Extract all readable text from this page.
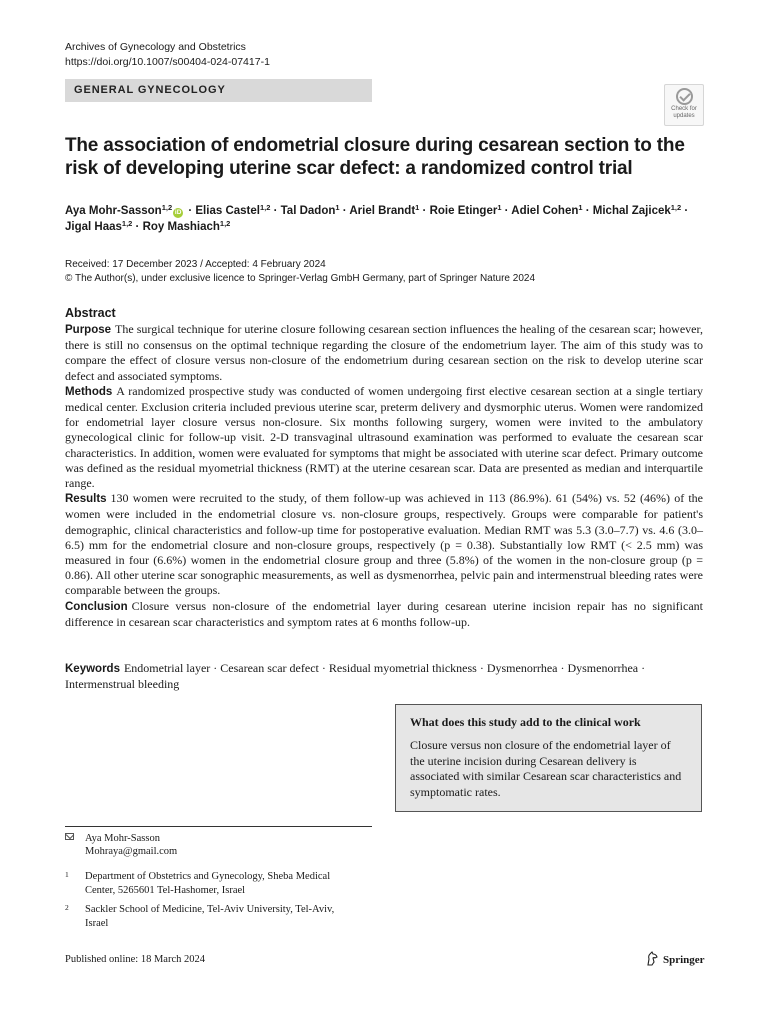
Archives of Gynecology and Obstetrics
https://doi.org/10.1007/s00404-024-07417-1
GENERAL GYNECOLOGY
Check for
updates
The association of endometrial closure during cesarean section to the risk of developing uterine scar defect: a randomized control trial
Aya Mohr-Sasson$^{1,2}$iD · Elias Castel$^{1,2}$ · Tal Dadon$^1$ · Ariel Brandt$^1$ · Roie Etinger$^1$ · Adiel Cohen$^1$ · Michal Zajicek$^{1,2}$ · Jigal Haas$^{1,2}$ · Roy Mashiach$^{1,2}$
Received: 17 December 2023 / Accepted: 4 February 2024
© The Author(s), under exclusive licence to Springer-Verlag GmbH Germany, part of Springer Nature 2024
Abstract

Purpose The surgical technique for uterine closure following cesarean section influences the healing of the cesarean scar; however, there is still no consensus on the optimal technique regarding the closure of the endometrium layer. The aim of this study was to compare the effect of closure versus non-closure of the endometrium during cesarean section on the risk to develop uterine scar defect and associated symptoms.

Methods A randomized prospective study was conducted of women undergoing first elective cesarean section at a single tertiary medical center. Exclusion criteria included previous uterine scar, preterm delivery and dysmorphic uterus. Women were randomized for endometrial layer closure versus non-closure. Six months following surgery, women were invited to the ambulatory gynecological clinic for follow-up visit. 2-D transvaginal ultrasound examination was performed to evaluate the cesarean scar characteristics. In addition, women were evaluated for symptoms that might be associated with uterine scar defect. Primary outcome was defined as the residual myometrial thickness (RMT) at the uterine cesarean scar. Data are presented as median and interquartile range.

Results 130 women were recruited to the study, of them follow-up was achieved in 113 (86.9%). 61 (54%) vs. 52 (46%) of the women were included in the endometrial closure vs. non-closure groups, respectively. Groups were comparable for patient's demographic, clinical characteristics and follow-up time for postoperative evaluation. Median RMT was 5.3 (3.0–7.7) vs. 4.6 (3.0–6.5) mm for the endometrial closure and non-closure groups, respectively (p = 0.38). Substantially low RMT (< 2.5 mm) was measured in four (6.6%) women in the endometrial closure group and three (5.8%) of the women in the non-closure group (p = 0.86). All other uterine scar sonographic measurements, as well as dysmenorrhea, pelvic pain and intermenstrual bleeding rates were comparable between the groups.

Conclusion Closure versus non-closure of the endometrial layer during cesarean uterine incision repair has no significant difference in cesarean scar characteristics and symptom rates at 6 months follow-up.

Keywords Endometrial layer · Cesarean scar defect · Residual myometrial thickness · Dysmenorrhea · Dysmenorrhea · Intermenstrual bleeding
What does this study add to the clinical work
Closure versus non closure of the endometrial layer of the uterine incision during Cesarean delivery is associated with similar Cesarean scar characteristics and symptomatic rates.
Aya Mohr-Sasson
Mohraya@gmail.com
1 Department of Obstetrics and Gynecology, Sheba Medical Center, 5265601 Tel-Hashomer, Israel
2 Sackler School of Medicine, Tel-Aviv University, Tel-Aviv, Israel
Published online: 18 March 2024	Springer
